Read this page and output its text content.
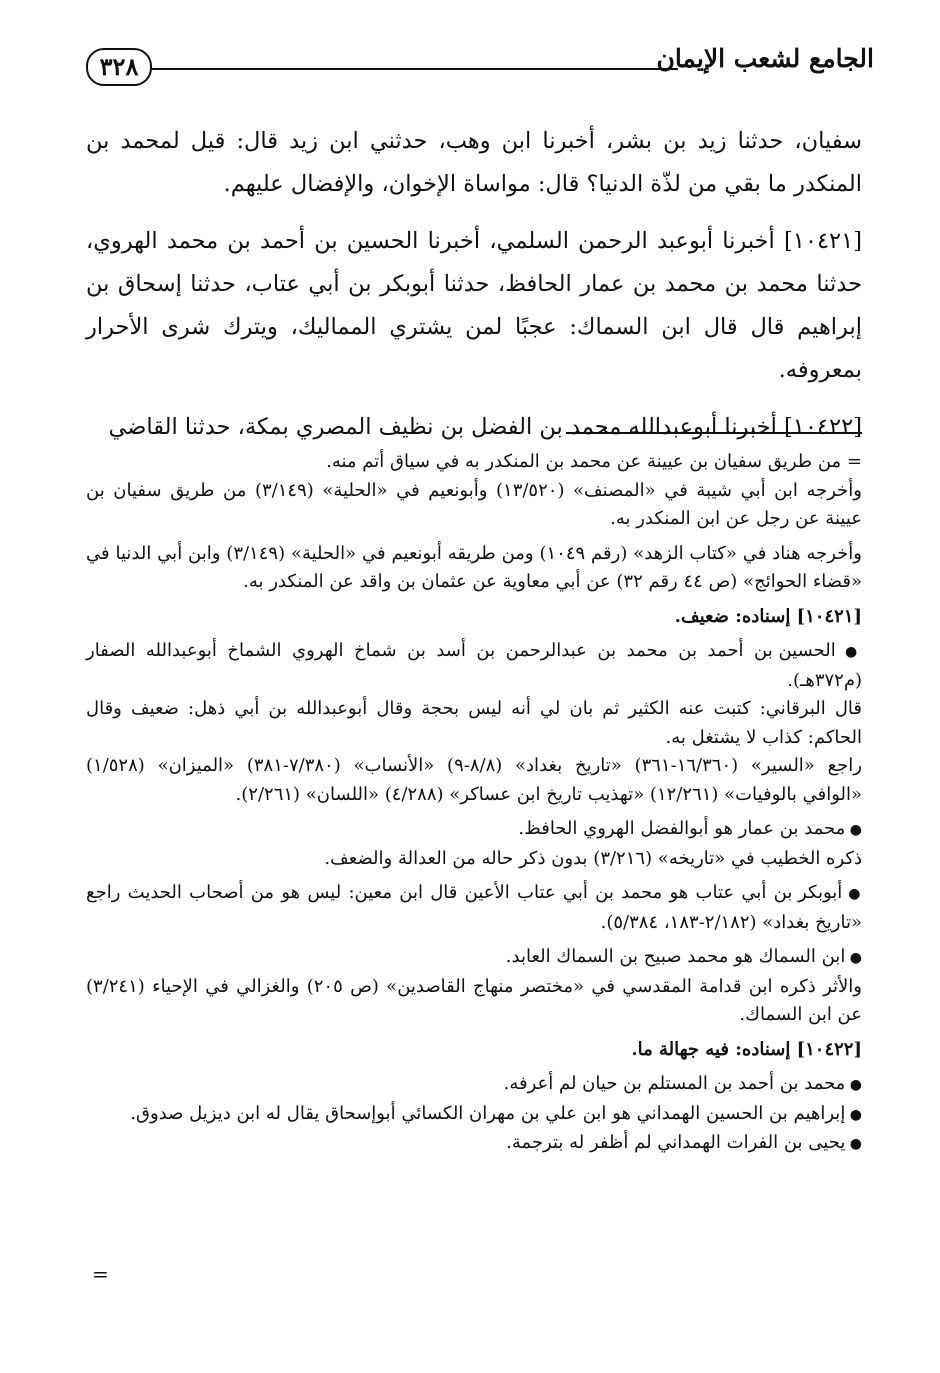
٣٢٨	الجامع لشعب الإيمان

سفيان، حدثنا زيد بن بشر، أخبرنا ابن وهب، حدثني ابن زيد قال: قيل لمحمد بن المنكدر ما بقي من لذّة الدنيا؟ قال: مواساة الإخوان، والإفضال عليهم.

[١٠٤٢١] أخبرنا أبوعبد الرحمن السلمي، أخبرنا الحسين بن أحمد بن محمد الهروي، حدثنا محمد بن محمد بن عمار الحافظ، حدثنا أبوبكر بن أبي عتاب، حدثنا إسحاق بن إبراهيم قال قال ابن السماك: عجبًا لمن يشتري المماليك، ويترك شرى الأحرار بمعروفه.

[١٠٤٢٢] أخبرنا أبوعبدالله محمد بن الفضل بن نظيف المصري بمكة، حدثنا القاضي

= من طريق سفيان بن عيينة عن محمد بن المنكدر به في سياق أتم منه.

وأخرجه ابن أبي شيبة في «المصنف» (١٣/٥٢٠) وأبونعيم في «الحلية» (٣/١٤٩) من طريق سفيان بن عيينة عن رجل عن ابن المنكدر به.

وأخرجه هناد في «كتاب الزهد» (رقم ١٠٤٩) ومن طريقه أبونعيم في «الحلية» (٣/١٤٩) وابن أبي الدنيا في «قضاء الحوائج» (ص ٤٤ رقم ٣٢) عن أبي معاوية عن عثمان بن واقد عن المنكدر به.

[١٠٤٢١] إسناده: ضعيف.

● الحسين بن أحمد بن محمد بن عبدالرحمن بن أسد بن شماخ الهروي الشماخ أبوعبدالله الصفار (م٣٧٢هـ).

قال البرقاني: كتبت عنه الكثير ثم بان لي أنه ليس بحجة وقال أبوعبدالله بن أبي ذهل: ضعيف وقال الحاكم: كذاب لا يشتغل به.

راجع «السير» (١٦/٣٦٠-٣٦١) «تاريخ بغداد» (٨/٨-٩) «الأنساب» (٧/٣٨٠-٣٨١) «الميزان» (١/٥٢٨) «الوافي بالوفيات» (١٢/٢٦١) «تهذيب تاريخ ابن عساكر» (٤/٢٨٨) «اللسان» (٢/٢٦١).

● محمد بن عمار هو أبوالفضل الهروي الحافظ.

ذكره الخطيب في «تاريخه» (٣/٢١٦) بدون ذكر حاله من العدالة والضعف.

● أبوبكر بن أبي عتاب هو محمد بن أبي عتاب الأعين قال ابن معين: ليس هو من أصحاب الحديث راجع «تاريخ بغداد» (٢/١٨٢-١٨٣، ٥/٣٨٤).

● ابن السماك هو محمد صبيح بن السماك العابد.

والأثر ذكره ابن قدامة المقدسي في «مختصر منهاج القاصدين» (ص ٢٠٥) والغزالي في الإحياء (٣/٢٤١) عن ابن السماك.

[١٠٤٢٢] إسناده: فيه جهالة ما.

● محمد بن أحمد بن المستلم بن حيان لم أعرفه.

● إبراهيم بن الحسين الهمداني هو ابن علي بن مهران الكسائي أبوإسحاق يقال له ابن ديزيل صدوق.

● يحيى بن الفرات الهمداني لم أظفر له بترجمة.

=
